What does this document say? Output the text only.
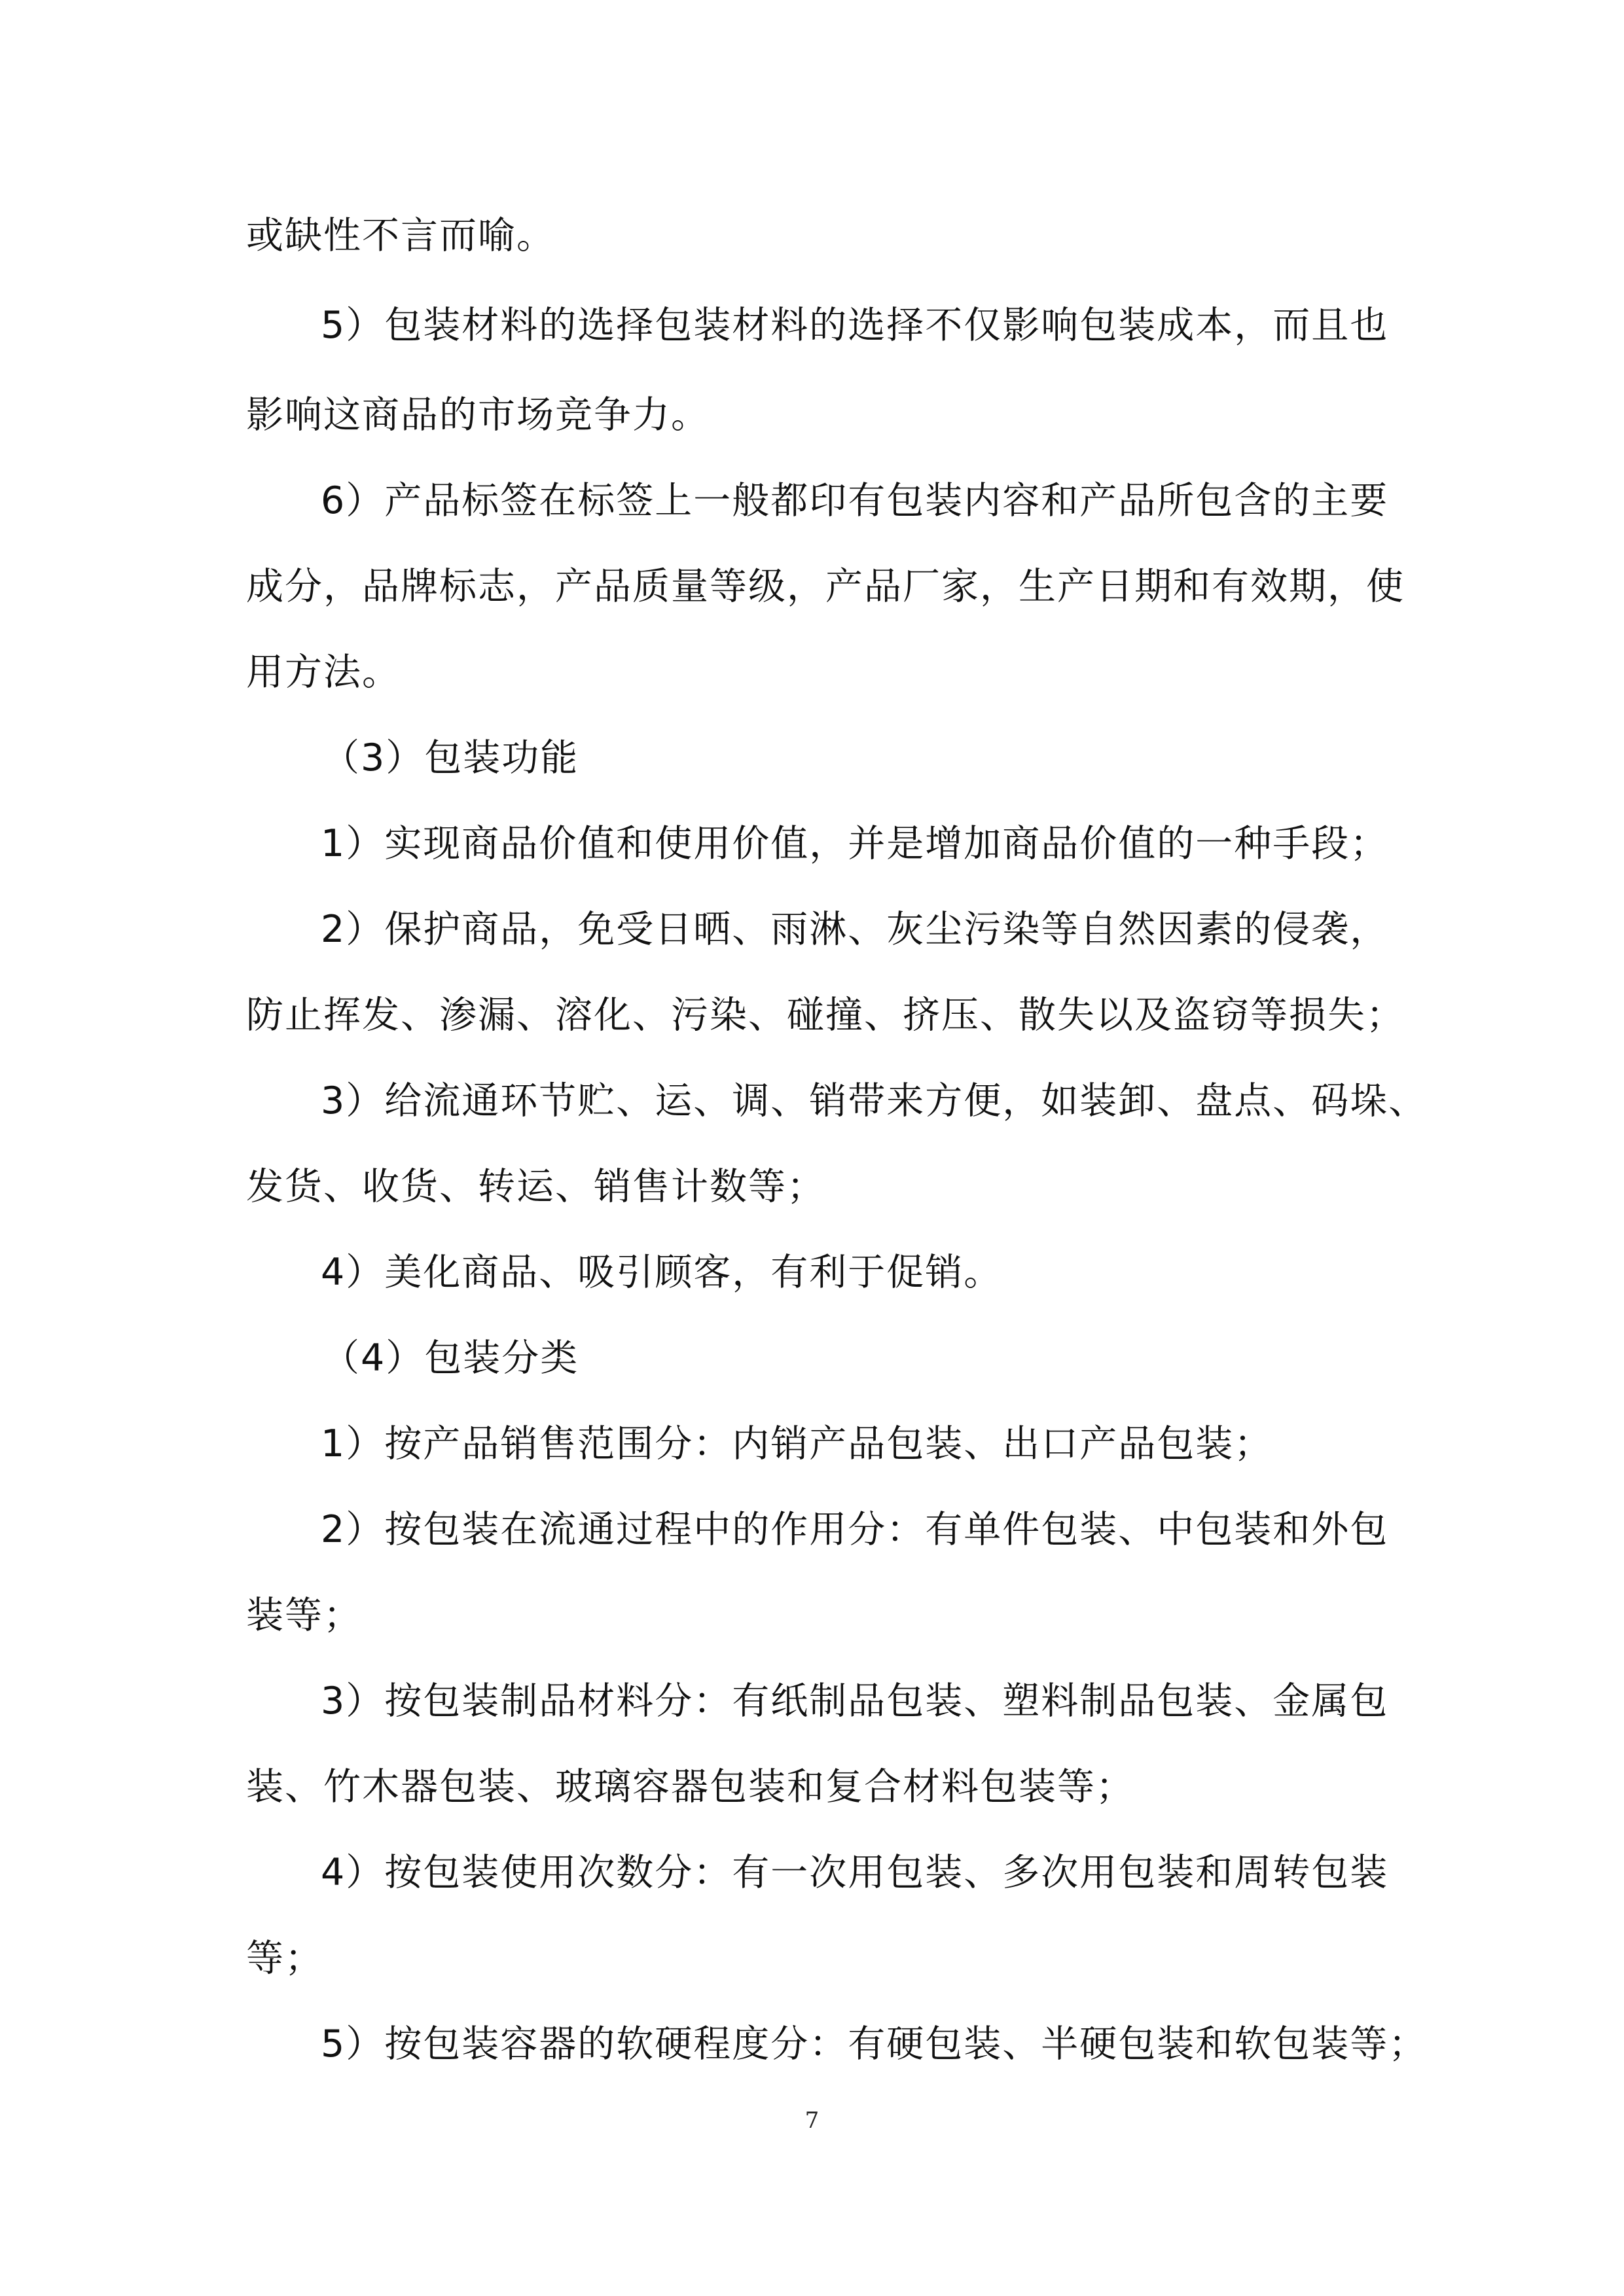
或缺性不言而喻。
5）包装材料的选择包装材料的选择不仅影响包装成本，而且也
影响这商品的市场竞争力。
6）产品标签在标签上一般都印有包装内容和产品所包含的主要
成分，品牌标志，产品质量等级，产品厂家，生产日期和有效期，使
用方法。
（3）包装功能
1）实现商品价值和使用价值，并是增加商品价值的一种手段；
2）保护商品，免受日晒、雨淋、灰尘污染等自然因素的侵袭，
防止挥发、渗漏、溶化、污染、碰撞、挤压、散失以及盗窃等损失；
3）给流通环节贮、运、调、销带来方便，如装卸、盘点、码垛、
发货、收货、转运、销售计数等；
4）美化商品、吸引顾客，有利于促销。
（4）包装分类
1）按产品销售范围分：内销产品包装、出口产品包装；
2）按包装在流通过程中的作用分：有单件包装、中包装和外包
装等；
3）按包装制品材料分：有纸制品包装、塑料制品包装、金属包
装、竹木器包装、玻璃容器包装和复合材料包装等；
4）按包装使用次数分：有一次用包装、多次用包装和周转包装
等；
5）按包装容器的软硬程度分：有硬包装、半硬包装和软包装等；
7
